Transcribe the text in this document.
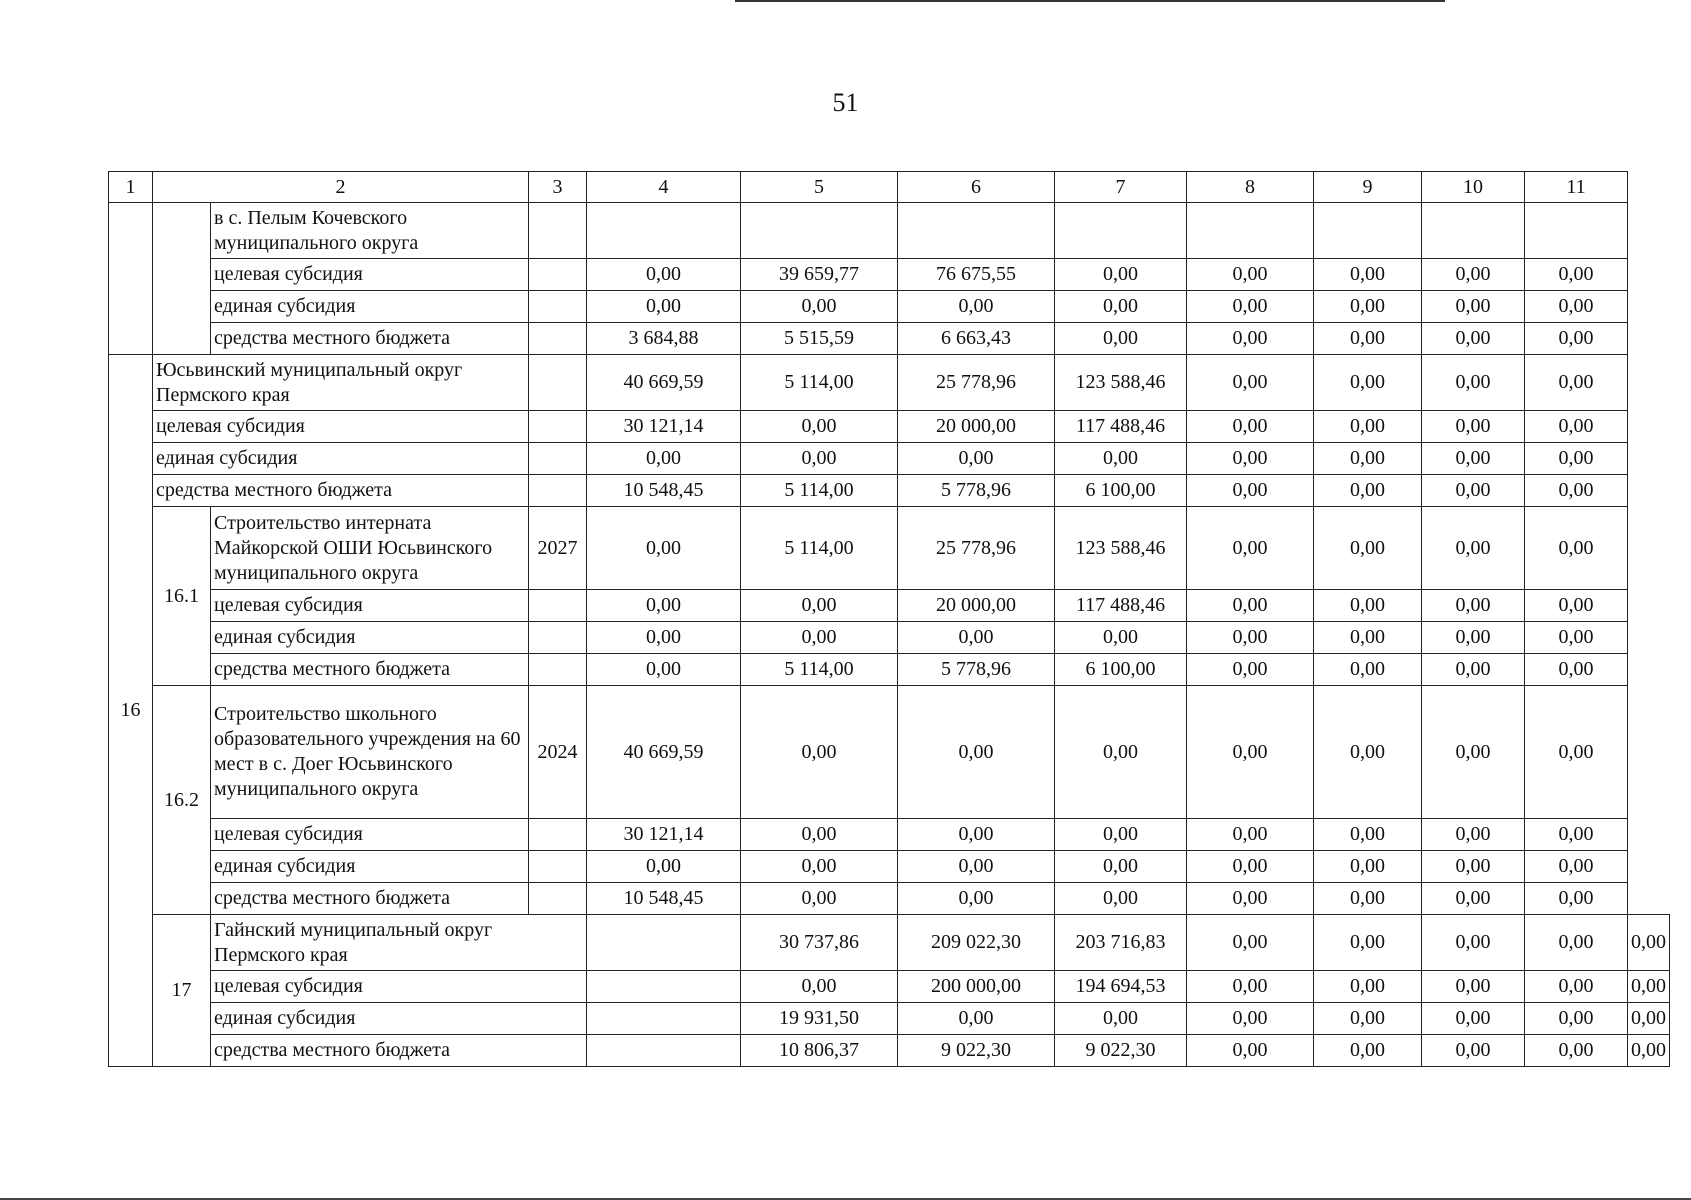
51
1	2		3	4	5	6	7	8	9	10	11	
		в с. Пелым Кочевского муниципального округа										
		целевая субсидия		0,00	39 659,77	76 675,55	0,00	0,00	0,00	0,00	0,00	
		единая субсидия		0,00	0,00	0,00	0,00	0,00	0,00	0,00	0,00	
		средства местного бюджета		3 684,88	5 515,59	6 663,43	0,00	0,00	0,00	0,00	0,00	
16	Юсьвинский муниципальный округ Пермского края			40 669,59	5 114,00	25 778,96	123 588,46	0,00	0,00	0,00	0,00	
	целевая субсидия			30 121,14	0,00	20 000,00	117 488,46	0,00	0,00	0,00	0,00	
	единая субсидия			0,00	0,00	0,00	0,00	0,00	0,00	0,00	0,00	
	средства местного бюджета			10 548,45	5 114,00	5 778,96	6 100,00	0,00	0,00	0,00	0,00	
	16.1	Строительство интерната Майкорской ОШИ Юсьвинского муниципального округа	2027	0,00	5 114,00	25 778,96	123 588,46	0,00	0,00	0,00	0,00	
		целевая субсидия		0,00	0,00	20 000,00	117 488,46	0,00	0,00	0,00	0,00	
		единая субсидия		0,00	0,00	0,00	0,00	0,00	0,00	0,00	0,00	
		средства местного бюджета		0,00	5 114,00	5 778,96	6 100,00	0,00	0,00	0,00	0,00	
	16.2	Строительство школьного образовательного учреждения на 60 мест в с. Доег Юсьвинского муниципального округа	2024	40 669,59	0,00	0,00	0,00	0,00	0,00	0,00	0,00	
		целевая субсидия		30 121,14	0,00	0,00	0,00	0,00	0,00	0,00	0,00	
		единая субсидия		0,00	0,00	0,00	0,00	0,00	0,00	0,00	0,00	
		средства местного бюджета		10 548,45	0,00	0,00	0,00	0,00	0,00	0,00	0,00	
	17	Гайнский муниципальный округ Пермского края			30 737,86	209 022,30	203 716,83	0,00	0,00	0,00	0,00	0,00
		целевая субсидия			0,00	200 000,00	194 694,53	0,00	0,00	0,00	0,00	0,00
		единая субсидия			19 931,50	0,00	0,00	0,00	0,00	0,00	0,00	0,00
		средства местного бюджета			10 806,37	9 022,30	9 022,30	0,00	0,00	0,00	0,00	0,00
